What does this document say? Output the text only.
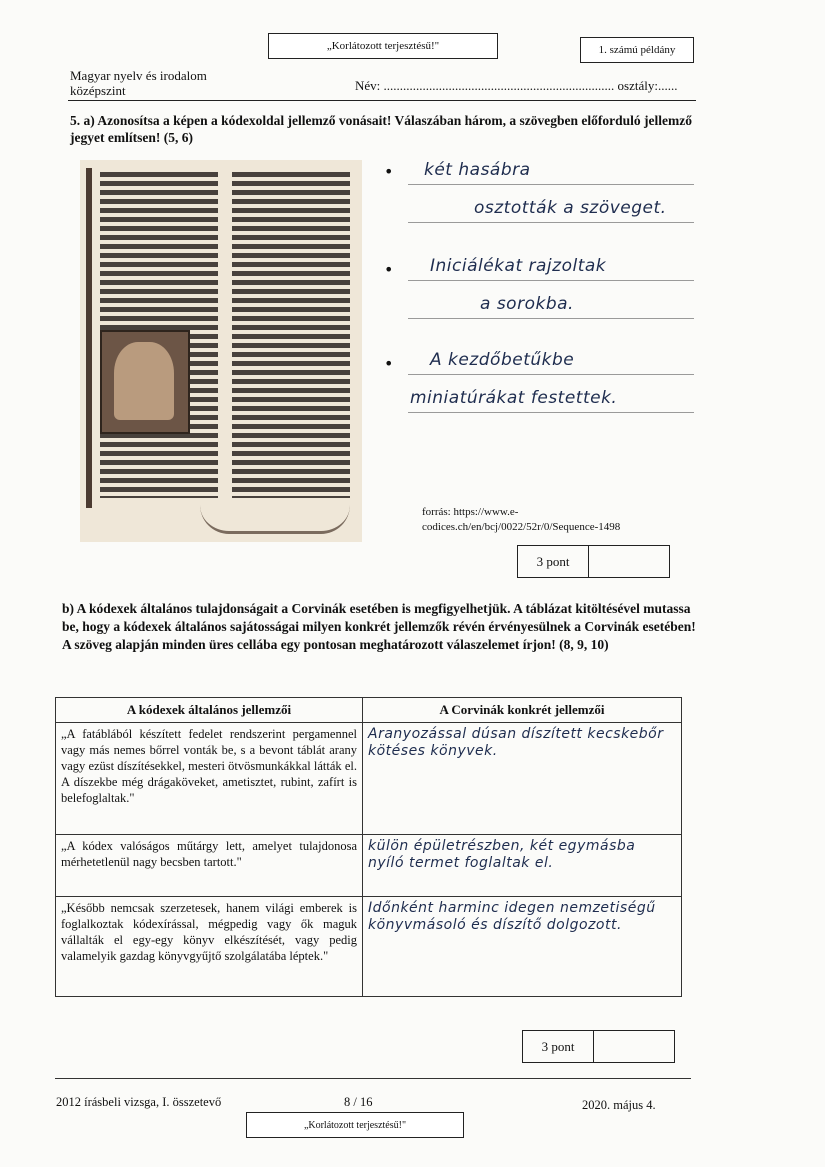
„Korlátozott terjesztésű!"	1. számú példány
Magyar nyelv és irodalom
középszint	Név: ....................................................................... osztály:......
5. a) Azonosítsa a képen a kódexoldal jellemző vonásait! Válaszában három, a szövegben előforduló jellemző jegyet említsen! (5, 6)
• két hasábra
osztották a szöveget.
• Iniciálékat rajzoltak
a sorokba.
• A kezdőbetűkbe
miniatúrákat festettek.
forrás: https://www.e-
codices.ch/en/bcj/0022/52r/0/Sequence-1498
3 pont
b) A kódexek általános tulajdonságait a Corvinák esetében is megfigyelhetjük. A táblázat kitöltésével mutassa be, hogy a kódexek általános sajátosságai milyen konkrét jellemzők révén érvényesülnek a Corvinák esetében! A szöveg alapján minden üres cellába egy pontosan meghatározott válaszelemet írjon! (8, 9, 10)
A kódexek általános jellemzői	A Corvinák konkrét jellemzői
„A fatáblából készített fedelet rendszerint pergamennel vagy más nemes bőrrel vonták be, s a bevont táblát arany vagy ezüst díszítésekkel, mesteri ötvösmunkákkal látták el. A díszekbe még drágaköveket, ametisztet, rubint, zafírt is belefoglaltak."	Aranyozással dúsan díszített kecskebőr kötéses könyvek.
„A kódex valóságos műtárgy lett, amelyet tulajdonosa mérhetetlenül nagy becsben tartott."	külön épületrészben, két egymásba nyíló termet foglaltak el.
„Később nemcsak szerzetesek, hanem világi emberek is foglalkoztak kódexírással, mégpedig vagy ők maguk vállalták el egy-egy könyv elkészítését, vagy pedig valamelyik gazdag könyvgyűjtő szolgálatába léptek."	Időnként harminc idegen nemzetiségű könyvmásoló és díszítő dolgozott.
3 pont
2012 írásbeli vizsga, I. összetevő	8 / 16	2020. május 4.
„Korlátozott terjesztésű!"
